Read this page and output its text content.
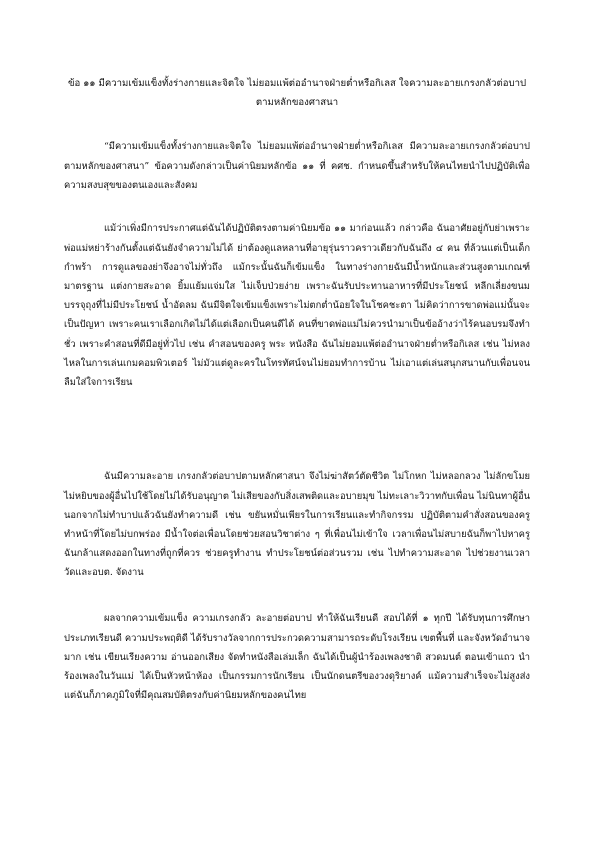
ข้อ ๑๑ มีความเข้มแข็งทั้งร่างกายและจิตใจ ไม่ยอมแพ้ต่ออำนาจฝ่ายต่ำหรือกิเลส ใจความละอายเกรงกลัวต่อบาปตามหลักของศาสนา

“มีความเข้มแข็งทั้งร่างกายและจิตใจ ไม่ยอมแพ้ต่ออำนาจฝ่ายต่ำหรือกิเลส มีความละอายเกรงกลัวต่อบาปตามหลักของศาสนา” ข้อความดังกล่าวเป็นค่านิยมหลักข้อ ๑๑ ที่ คศช. กำหนดขึ้นสำหรับให้คนไทยนำไปปฏิบัติเพื่อความสงบสุขของตนเองและสังคม

แม้ว่าเพิ่งมีการประกาศแต่ฉันได้ปฏิบัติตรงตามค่านิยมข้อ ๑๑ มาก่อนแล้ว กล่าวคือ ฉันอาศัยอยู่กับย่าเพราะพ่อแม่หย่าร้างกันตั้งแต่ฉันยังจำความไม่ได้ ย่าต้องดูแลหลานที่อายุรุ่นราวคราวเดียวกับฉันถึง ๔ คน ที่ล้วนแต่เป็นเด็กกำพร้า การดูแลของย่าจึงอาจไม่ทั่วถึง แม้กระนั้นฉันก็เข้มแข็ง ในทางร่างกายฉันมีน้ำหนักและส่วนสูงตามเกณฑ์มาตรฐาน แต่งกายสะอาด ยิ้มแย้มแจ่มใส ไม่เจ็บป่วยง่าย เพราะฉันรับประทานอาหารที่มีประโยชน์ หลีกเลี่ยงขนมบรรจุถุงที่ไม่มีประโยชน์ น้ำอัดลม ฉันมีจิตใจเข้มแข็งเพราะไม่ตกต่ำน้อยใจในโชคชะตา ไม่คิดว่าการขาดพ่อแม่นั้นจะเป็นปัญหา เพราะคนเราเลือกเกิดไม่ได้แต่เลือกเป็นคนดีได้ คนที่ขาดพ่อแม่ไม่ควรนำมาเป็นข้ออ้างว่าไร้คนอบรมจึงทำชั่ว เพราะคำสอนที่ดีมีอยู่ทั่วไป เช่น คำสอนของครู พระ หนังสือ ฉันไม่ยอมแพ้ต่ออำนาจฝ่ายต่ำหรือกิเลส เช่น ไม่หลงไหลในการเล่นเกมคอมพิวเตอร์ ไม่มัวแต่ดูละครในโทรทัศน์จนไม่ยอมทำการบ้าน ไม่เอาแต่เล่นสนุกสนานกับเพื่อนจนลืมใส่ใจการเรียน

ฉันมีความละอาย เกรงกลัวต่อบาปตามหลักศาสนา จึงไม่ฆ่าสัตว์ตัดชีวิต ไม่โกหก ไม่หลอกลวง ไม่ลักขโมย ไม่หยิบของผู้อื่นไปใช้โดยไม่ได้รับอนุญาต ไม่เสียของกับสิ่งเสพติดและอบายมุข ไม่ทะเลาะวิวาทกับเพื่อน ไม่นินทาผู้อื่น นอกจากไม่ทำบาปแล้วฉันยังทำความดี เช่น ขยันหมั่นเพียรในการเรียนและทำกิจกรรม ปฏิบัติตามคำสั่งสอนของครู ทำหน้าที่โดยไม่บกพร่อง มีน้ำใจต่อเพื่อนโดยช่วยสอนวิชาต่าง ๆ ที่เพื่อนไม่เข้าใจ เวลาเพื่อนไม่สบายฉันก็พาไปหาครู ฉันกล้าแสดงออกในทางที่ถูกที่ควร ช่วยครูทำงาน ทำประโยชน์ต่อส่วนรวม เช่น ไปทำความสะอาด ไปช่วยงานเวลาวัดและอบต. จัดงาน

ผลจากความเข้มแข็ง ความเกรงกลัว ละอายต่อบาป ทำให้ฉันเรียนดี สอบได้ที่ ๑ ทุกปี ได้รับทุนการศึกษาประเภทเรียนดี ความประพฤติดี ได้รับรางวัลจากการประกวดความสามารถระดับโรงเรียน เขตพื้นที่ และจังหวัดอำนาจมาก เช่น เขียนเรียงความ อ่านออกเสียง จัดทำหนังสือเล่มเล็ก ฉันได้เป็นผู้นำร้องเพลงชาติ สวดมนต์ ตอนเข้าแถว นำร้องเพลงในวันแม่ ได้เป็นหัวหน้าห้อง เป็นกรรมการนักเรียน เป็นนักดนตรีของวงดุริยางค์ แม้ความสำเร็จจะไม่สูงส่ง แต่ฉันก็ภาคภูมิใจที่มีคุณสมบัติตรงกับค่านิยมหลักของคนไทย
